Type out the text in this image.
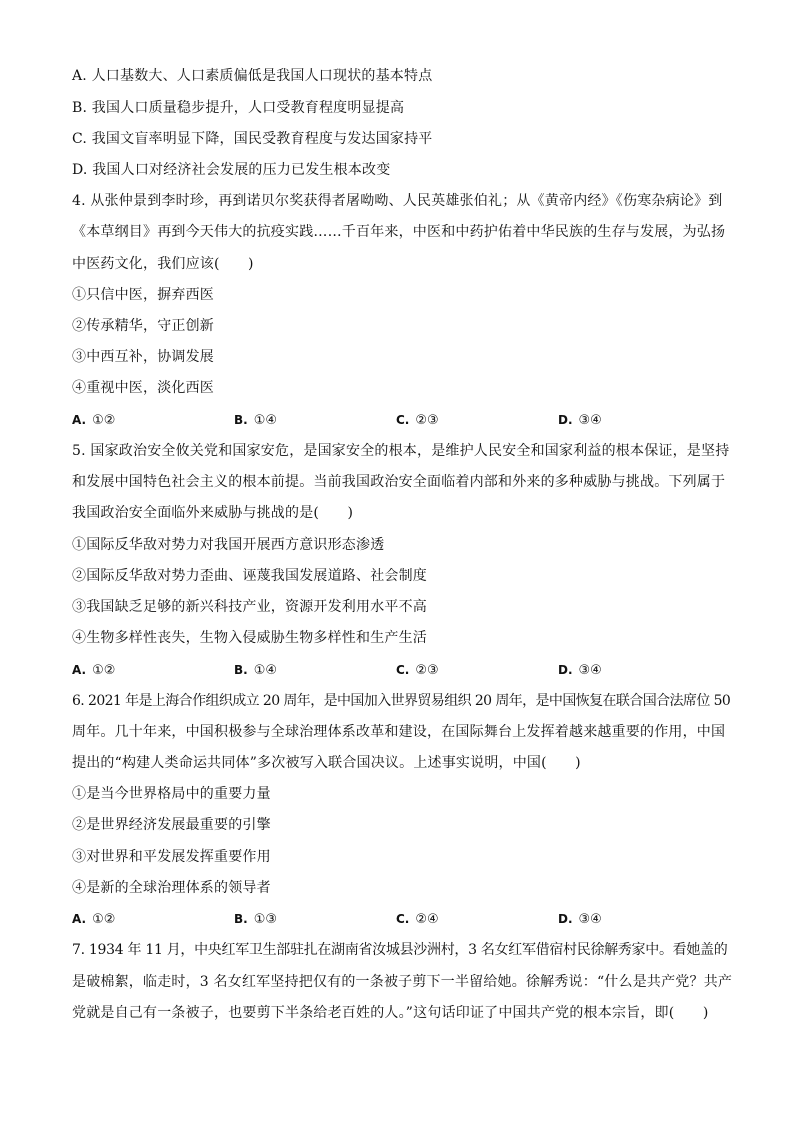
A. 人口基数大、人口素质偏低是我国人口现状的基本特点
B. 我国人口质量稳步提升，人口受教育程度明显提高
C. 我国文盲率明显下降，国民受教育程度与发达国家持平
D. 我国人口对经济社会发展的压力已发生根本改变
4. 从张仲景到李时珍，再到诺贝尔奖获得者屠呦呦、人民英雄张伯礼；从《黄帝内经》《伤寒杂病论》到
《本草纲目》再到今天伟大的抗疫实践……千百年来，中医和中药护佑着中华民族的生存与发展，为弘扬
中医药文化，我们应该(　　)
①只信中医，摒弃西医
②传承精华，守正创新
③中西互补，协调发展
④重视中医，淡化西医
A. ①②	B. ①④	C. ②③	D. ③④
5. 国家政治安全攸关党和国家安危，是国家安全的根本，是维护人民安全和国家利益的根本保证，是坚持
和发展中国特色社会主义的根本前提。当前我国政治安全面临着内部和外来的多种威胁与挑战。下列属于
我国政治安全面临外来威胁与挑战的是(　　)
①国际反华敌对势力对我国开展西方意识形态渗透
②国际反华敌对势力歪曲、诬蔑我国发展道路、社会制度
③我国缺乏足够的新兴科技产业，资源开发利用水平不高
④生物多样性丧失，生物入侵威胁生物多样性和生产生活
A. ①②	B. ①④	C. ②③	D. ③④
6. 2021 年是上海合作组织成立 20 周年，是中国加入世界贸易组织 20 周年，是中国恢复在联合国合法席位 50
周年。几十年来，中国积极参与全球治理体系改革和建设，在国际舞台上发挥着越来越重要的作用，中国
提出的“构建人类命运共同体”多次被写入联合国决议。上述事实说明，中国(　　)
①是当今世界格局中的重要力量
②是世界经济发展最重要的引擎
③对世界和平发展发挥重要作用
④是新的全球治理体系的领导者
A. ①②	B. ①③	C. ②④	D. ③④
7. 1934 年 11 月，中央红军卫生部驻扎在湖南省汝城县沙洲村，3 名女红军借宿村民徐解秀家中。看她盖的
是破棉絮，临走时，3 名女红军坚持把仅有的一条被子剪下一半留给她。徐解秀说：“什么是共产党？共产
党就是自己有一条被子，也要剪下半条给老百姓的人。”这句话印证了中国共产党的根本宗旨，即(　　)
